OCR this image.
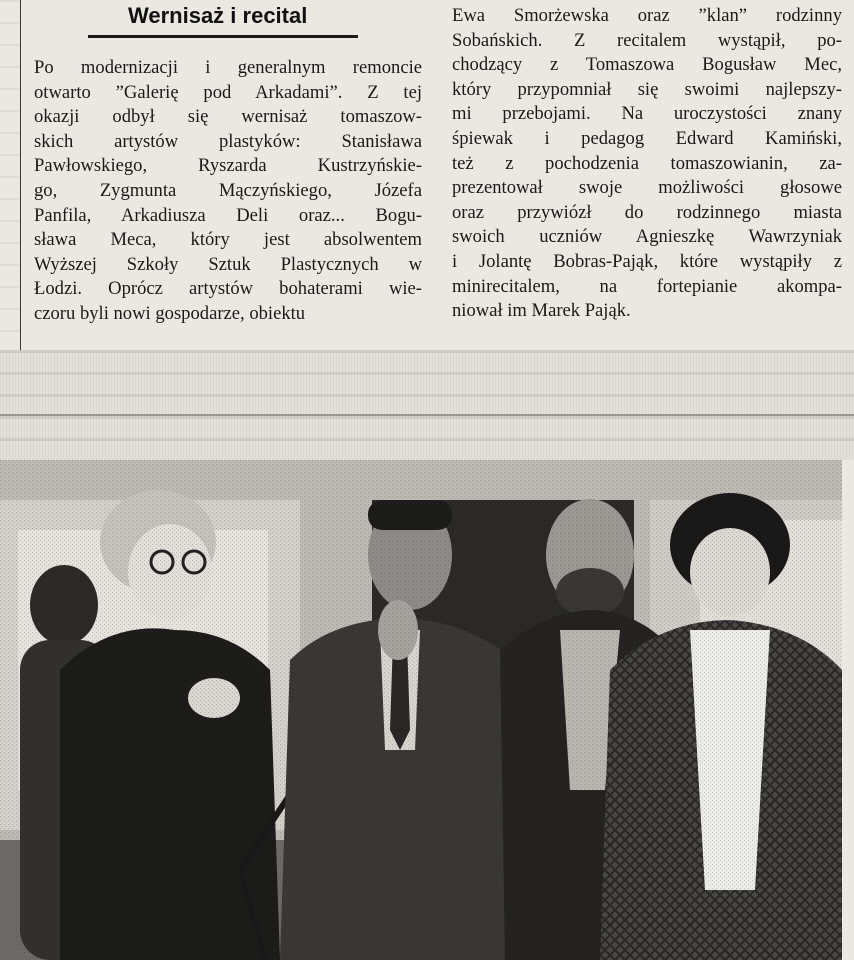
Wernisaż i recital
Po modernizacji i generalnym remoncie
otwarto ”Galerię pod Arkadami”. Z tej
okazji odbył się wernisaż tomaszow-
skich artystów plastyków: Stanisława
Pawłowskiego, Ryszarda Kustrzyńskie-
go, Zygmunta Mączyńskiego, Józefa
Panfila, Arkadiusza Deli oraz... Bogu-
sława Meca, który jest absolwentem
Wyższej Szkoły Sztuk Plastycznych w
Łodzi. Oprócz artystów bohaterami wie-
czoru byli nowi gospodarze, obiektu
Ewa Smorżewska oraz ”klan” rodzinny
Sobańskich. Z recitalem wystąpił, po-
chodzący z Tomaszowa Bogusław Mec,
który przypomniał się swoimi najlepszy-
mi przebojami. Na uroczystości znany
śpiewak i pedagog Edward Kamiński,
też z pochodzenia tomaszowianin, za-
prezentował swoje możliwości głosowe
oraz przywiózł do rodzinnego miasta
swoich uczniów Agnieszkę Wawrzyniak
i Jolantę Bobras-Pająk, które wystąpiły z
minirecitalem, na fortepianie akompa-
niował im Marek Pająk.
